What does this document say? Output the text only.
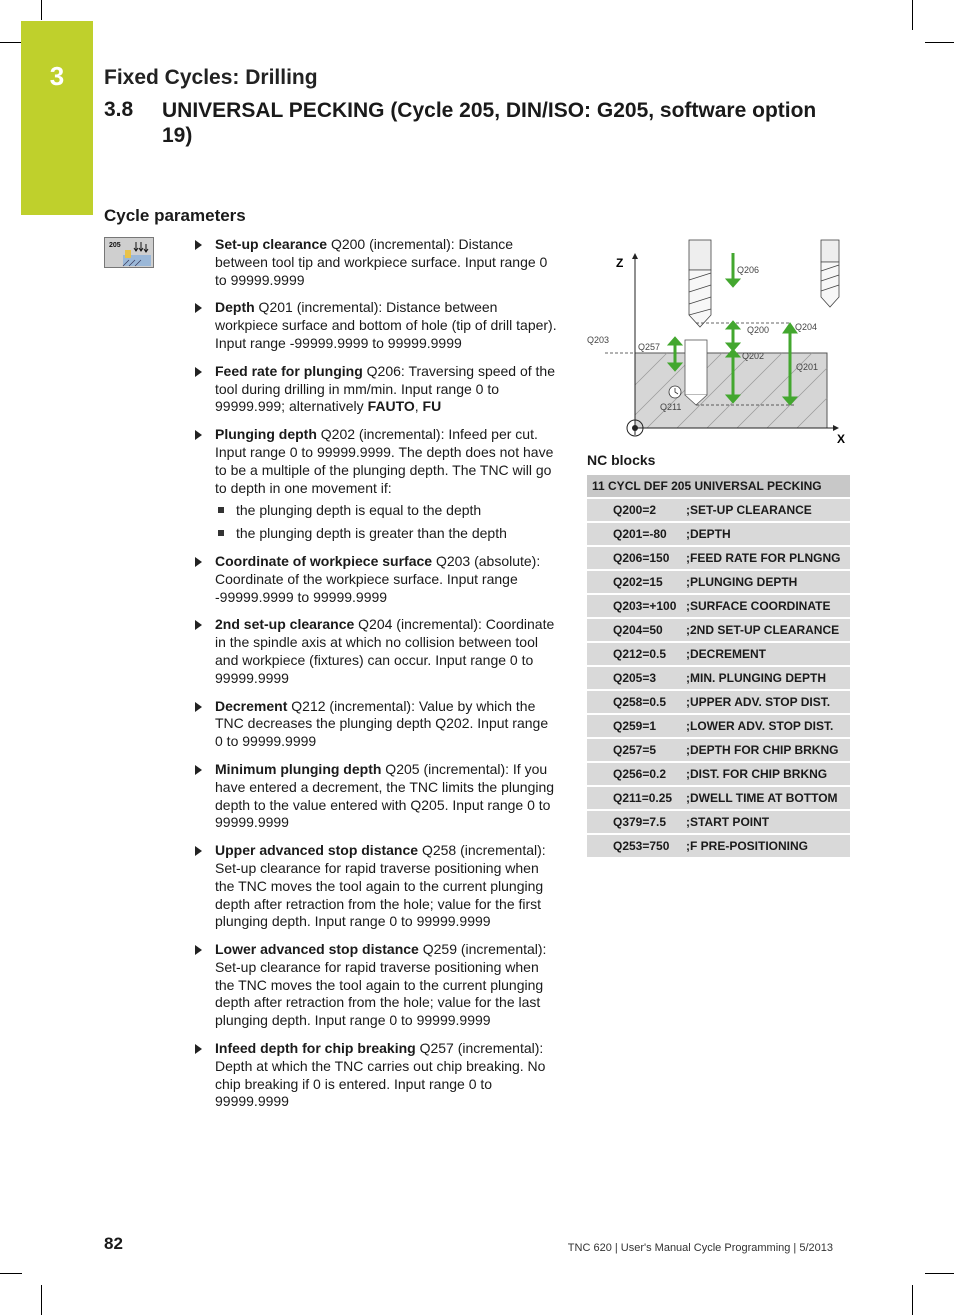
3	Fixed Cycles: Drilling
3.8 UNIVERSAL PECKING (Cycle 205, DIN/ISO: G205, software option 19)
Cycle parameters
205	Set-up clearance Q200 (incremental): Distance between tool tip and workpiece surface. Input range 0 to 99999.9999
Depth Q201 (incremental): Distance between workpiece surface and bottom of hole (tip of drill taper). Input range -99999.9999 to 99999.9999
Feed rate for plunging Q206: Traversing speed of the tool during drilling in mm/min. Input range 0 to 99999.999; alternatively FAUTO, FU
Plunging depth Q202 (incremental): Infeed per cut. Input range 0 to 99999.9999. The depth does not have to be a multiple of the plunging depth. The TNC will go to depth in one movement if:
the plunging depth is equal to the depth
the plunging depth is greater than the depth
Coordinate of workpiece surface Q203 (absolute): Coordinate of the workpiece surface. Input range -99999.9999 to 99999.9999
2nd set-up clearance Q204 (incremental): Coordinate in the spindle axis at which no collision between tool and workpiece (fixtures) can occur. Input range 0 to 99999.9999
Decrement Q212 (incremental): Value by which the TNC decreases the plunging depth Q202. Input range 0 to 99999.9999
Minimum plunging depth Q205 (incremental): If you have entered a decrement, the TNC limits the plunging depth to the value entered with Q205. Input range 0 to 99999.9999
Upper advanced stop distance Q258 (incremental): Set-up clearance for rapid traverse positioning when the TNC moves the tool again to the current plunging depth after retraction from the hole; value for the first plunging depth. Input range 0 to 99999.9999
Lower advanced stop distance Q259 (incremental): Set-up clearance for rapid traverse positioning when the TNC moves the tool again to the current plunging depth after retraction from the hole; value for the last plunging depth. Input range 0 to 99999.9999
Infeed depth for chip breaking Q257 (incremental): Depth at which the TNC carries out chip breaking. No chip breaking if 0 is entered. Input range 0 to 99999.9999
Z
X
Q206
Q200	Q204
Q203
Q257
Q202
Q201
Q211
NC blocks
11 CYCL DEF 205 UNIVERSAL PECKING
Q200=2	;SET-UP CLEARANCE
Q201=-80	;DEPTH
Q206=150	;FEED RATE FOR PLNGNG
Q202=15	;PLUNGING DEPTH
Q203=+100 ;SURFACE COORDINATE
Q204=50	;2ND SET-UP CLEARANCE
Q212=0.5	;DECREMENT
Q205=3	;MIN. PLUNGING DEPTH
Q258=0.5	;UPPER ADV. STOP DIST.
Q259=1	;LOWER ADV. STOP DIST.
Q257=5	;DEPTH FOR CHIP BRKNG
Q256=0.2	;DIST. FOR CHIP BRKNG
Q211=0.25	;DWELL TIME AT BOTTOM
Q379=7.5	;START POINT
Q253=750	;F PRE-POSITIONING
82	TNC 620 | User's Manual Cycle Programming | 5/2013
